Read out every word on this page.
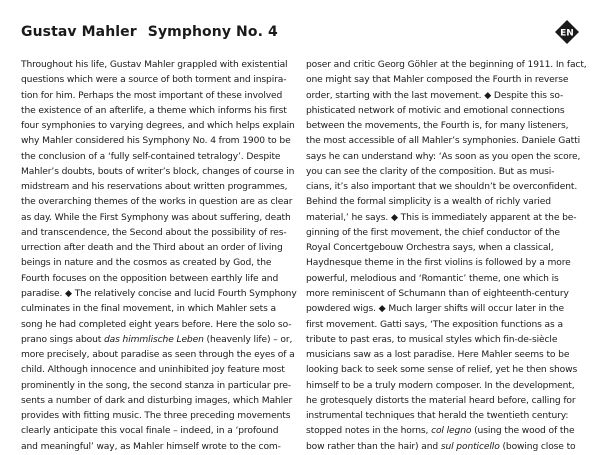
Gustav Mahler Symphony No. 4	EN
Throughout his life, Gustav Mahler grappled with existential
questions which were a source of both torment and inspira-
tion for him. Perhaps the most important of these involved
the existence of an afterlife, a theme which informs his first
four symphonies to varying degrees, and which helps explain
why Mahler considered his Symphony No. 4 from 1900 to be
the conclusion of a ‘fully self-contained tetralogy’. Despite
Mahler’s doubts, bouts of writer’s block, changes of course in
midstream and his reservations about written programmes,
the overarching themes of the works in question are as clear
as day. While the First Symphony was about suffering, death
and transcendence, the Second about the possibility of res-
urrection after death and the Third about an order of living
beings in nature and the cosmos as created by God, the
Fourth focuses on the opposition between earthly life and
paradise. ◆ The relatively concise and lucid Fourth Symphony
culminates in the final movement, in which Mahler sets a
song he had completed eight years before. Here the solo so-
prano sings about das himmlische Leben (heavenly life) – or,
more precisely, about paradise as seen through the eyes of a
child. Although innocence and uninhibited joy feature most
prominently in the song, the second stanza in particular pre-
sents a number of dark and disturbing images, which Mahler
provides with fitting music. The three preceding movements
clearly anticipate this vocal finale – indeed, in a ‘profound
and meaningful’ way, as Mahler himself wrote to the com-
poser and critic Georg Göhler at the beginning of 1911. In fact,
one might say that Mahler composed the Fourth in reverse
order, starting with the last movement. ◆ Despite this so-
phisticated network of motivic and emotional connections
between the movements, the Fourth is, for many listeners,
the most accessible of all Mahler’s symphonies. Daniele Gatti
says he can understand why: ‘As soon as you open the score,
you can see the clarity of the composition. But as musi-
cians, it’s also important that we shouldn’t be overconfident.
Behind the formal simplicity is a wealth of richly varied
material,’ he says. ◆ This is immediately apparent at the be-
ginning of the first movement, the chief conductor of the
Royal Concertgebouw Orchestra says, when a classical,
Haydnesque theme in the first violins is followed by a more
powerful, melodious and ‘Romantic’ theme, one which is
more reminiscent of Schumann than of eighteenth-century
powdered wigs. ◆ Much larger shifts will occur later in the
first movement. Gatti says, ‘The exposition functions as a
tribute to past eras, to musical styles which fin-de-siècle
musicians saw as a lost paradise. Here Mahler seems to be
looking back to seek some sense of relief, yet he then shows
himself to be a truly modern composer. In the development,
he grotesquely distorts the material heard before, calling for
instrumental techniques that herald the twentieth century:
stopped notes in the horns, col legno (using the wood of the
bow rather than the hair) and sul ponticello (bowing close to
